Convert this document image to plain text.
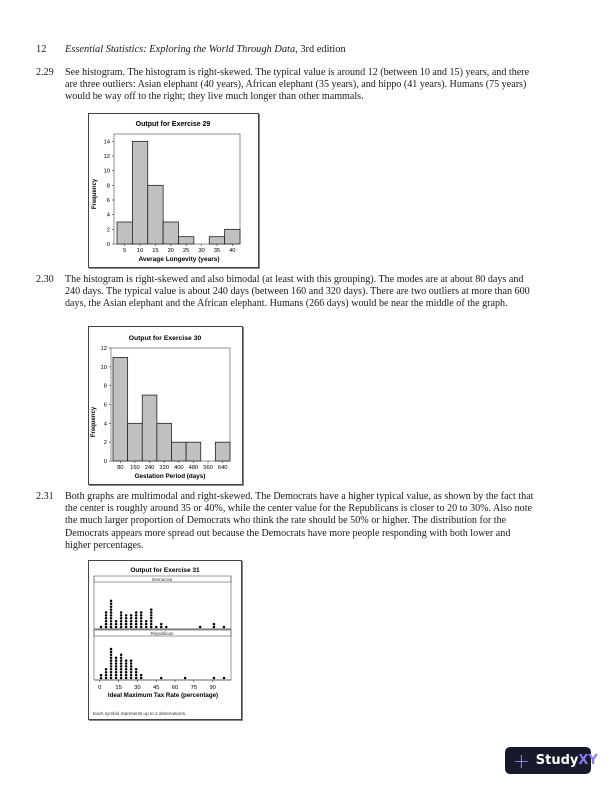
12 Essential Statistics: Exploring the World Through Data, 3rd edition
2.29 See histogram. The histogram is right-skewed. The typical value is around 12 (between 10 and 15) years, and there are three outliers: Asian elephant (40 years), African elephant (35 years), and hippo (41 years). Humans (75 years) would be way off to the right; they live much longer than other mammals.
Output for Exercise 29
Frequency
Average Longevity (years)
5 10 15 20 25 30 35 40
0
2
4
6
8
10
12
14
2.30 The histogram is right-skewed and also bimodal (at least with this grouping). The modes are at about 80 days and 240 days. The typical value is about 240 days (between 160 and 320 days). There are two outliers at more than 600 days, the Asian elephant and the African elephant. Humans (266 days) would be near the middle of the graph.
Output for Exercise 30
Frequency
Gestation Period (days)
80 160 240 320 400 480 560 640
0
2
4
6
8
10
12
2.31 Both graphs are multimodal and right-skewed. The Democrats have a higher typical value, as shown by the fact that the center is roughly around 35 or 40%, while the center value for the Republicans is closer to 20 to 30%. Also note the much larger proportion of Democrats who think the rate should be 50% or higher. The distribution for the Democrats appears more spread out because the Democrats have more people responding with both lower and higher percentages.
Output for Exercise 31
Democrat
Republican
0 15 30 45 60 75 90
Ideal Maximum Tax Rate (percentage)
Each symbol represents up to 2 observations.
+ Study XY
